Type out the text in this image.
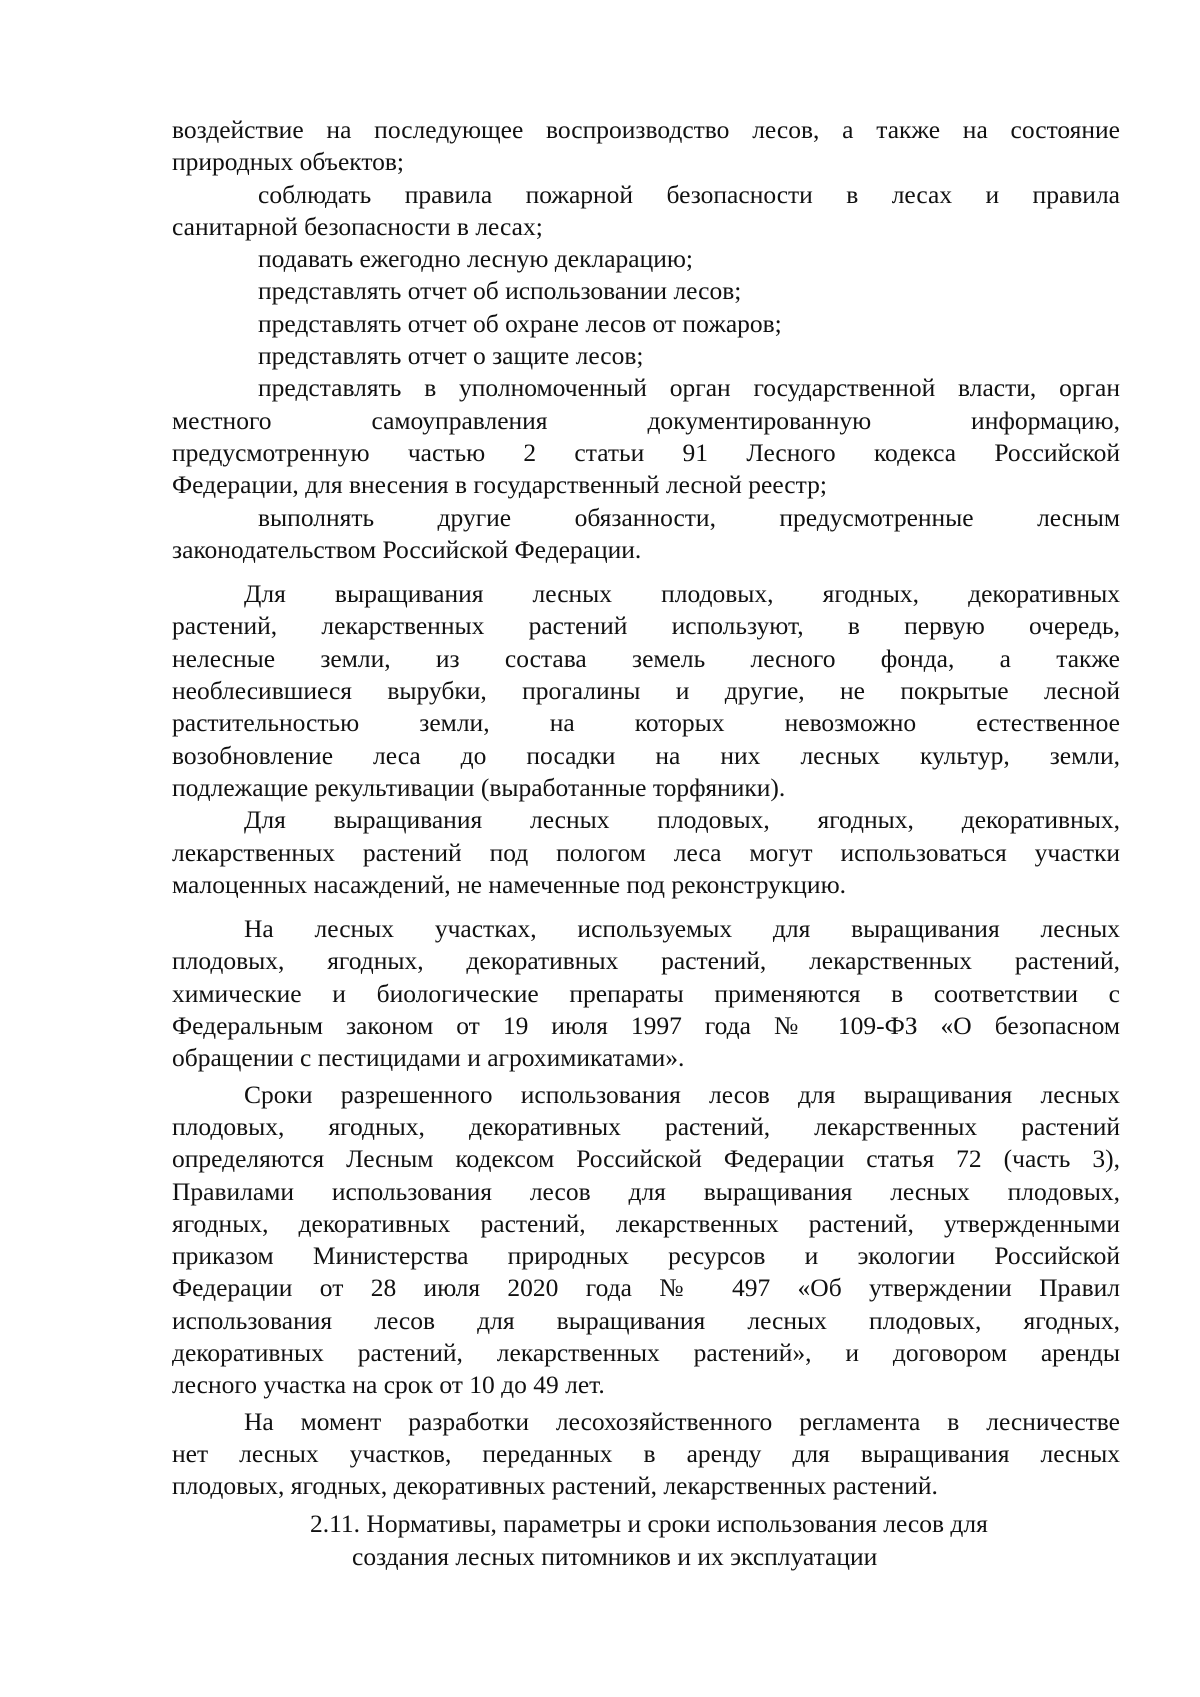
воздействие на последующее воспроизводство лесов, а также на состояние
природных объектов;
соблюдать правила пожарной безопасности в лесах и правила
санитарной безопасности в лесах;
подавать ежегодно лесную декларацию;
представлять отчет об использовании лесов;
представлять отчет об охране лесов от пожаров;
представлять отчет о защите лесов;
представлять в уполномоченный орган государственной власти, орган
местного самоуправления документированную информацию,
предусмотренную частью 2 статьи 91 Лесного кодекса Российской
Федерации, для внесения в государственный лесной реестр;
выполнять другие обязанности, предусмотренные лесным
законодательством Российской Федерации.
Для выращивания лесных плодовых, ягодных, декоративных
растений, лекарственных растений используют, в первую очередь,
нелесные земли, из состава земель лесного фонда, а также
необлесившиеся вырубки, прогалины и другие, не покрытые лесной
растительностью земли, на которых невозможно естественное
возобновление леса до посадки на них лесных культур, земли,
подлежащие рекультивации (выработанные торфяники).
Для выращивания лесных плодовых, ягодных, декоративных,
лекарственных растений под пологом леса могут использоваться участки
малоценных насаждений, не намеченные под реконструкцию.
На лесных участках, используемых для выращивания лесных
плодовых, ягодных, декоративных растений, лекарственных растений,
химические и биологические препараты применяются в соответствии с
Федеральным законом от 19 июля 1997 года № 109-ФЗ «О безопасном
обращении с пестицидами и агрохимикатами».
Сроки разрешенного использования лесов для выращивания лесных
плодовых, ягодных, декоративных растений, лекарственных растений
определяются Лесным кодексом Российской Федерации статья 72 (часть 3),
Правилами использования лесов для выращивания лесных плодовых,
ягодных, декоративных растений, лекарственных растений, утвержденными
приказом Министерства природных ресурсов и экологии Российской
Федерации от 28 июля 2020 года № 497 «Об утверждении Правил
использования лесов для выращивания лесных плодовых, ягодных,
декоративных растений, лекарственных растений», и договором аренды
лесного участка на срок от 10 до 49 лет.
На момент разработки лесохозяйственного регламента в лесничестве
нет лесных участков, переданных в аренду для выращивания лесных
плодовых, ягодных, декоративных растений, лекарственных растений.
2.11. Нормативы, параметры и сроки использования лесов для
создания лесных питомников и их эксплуатации
